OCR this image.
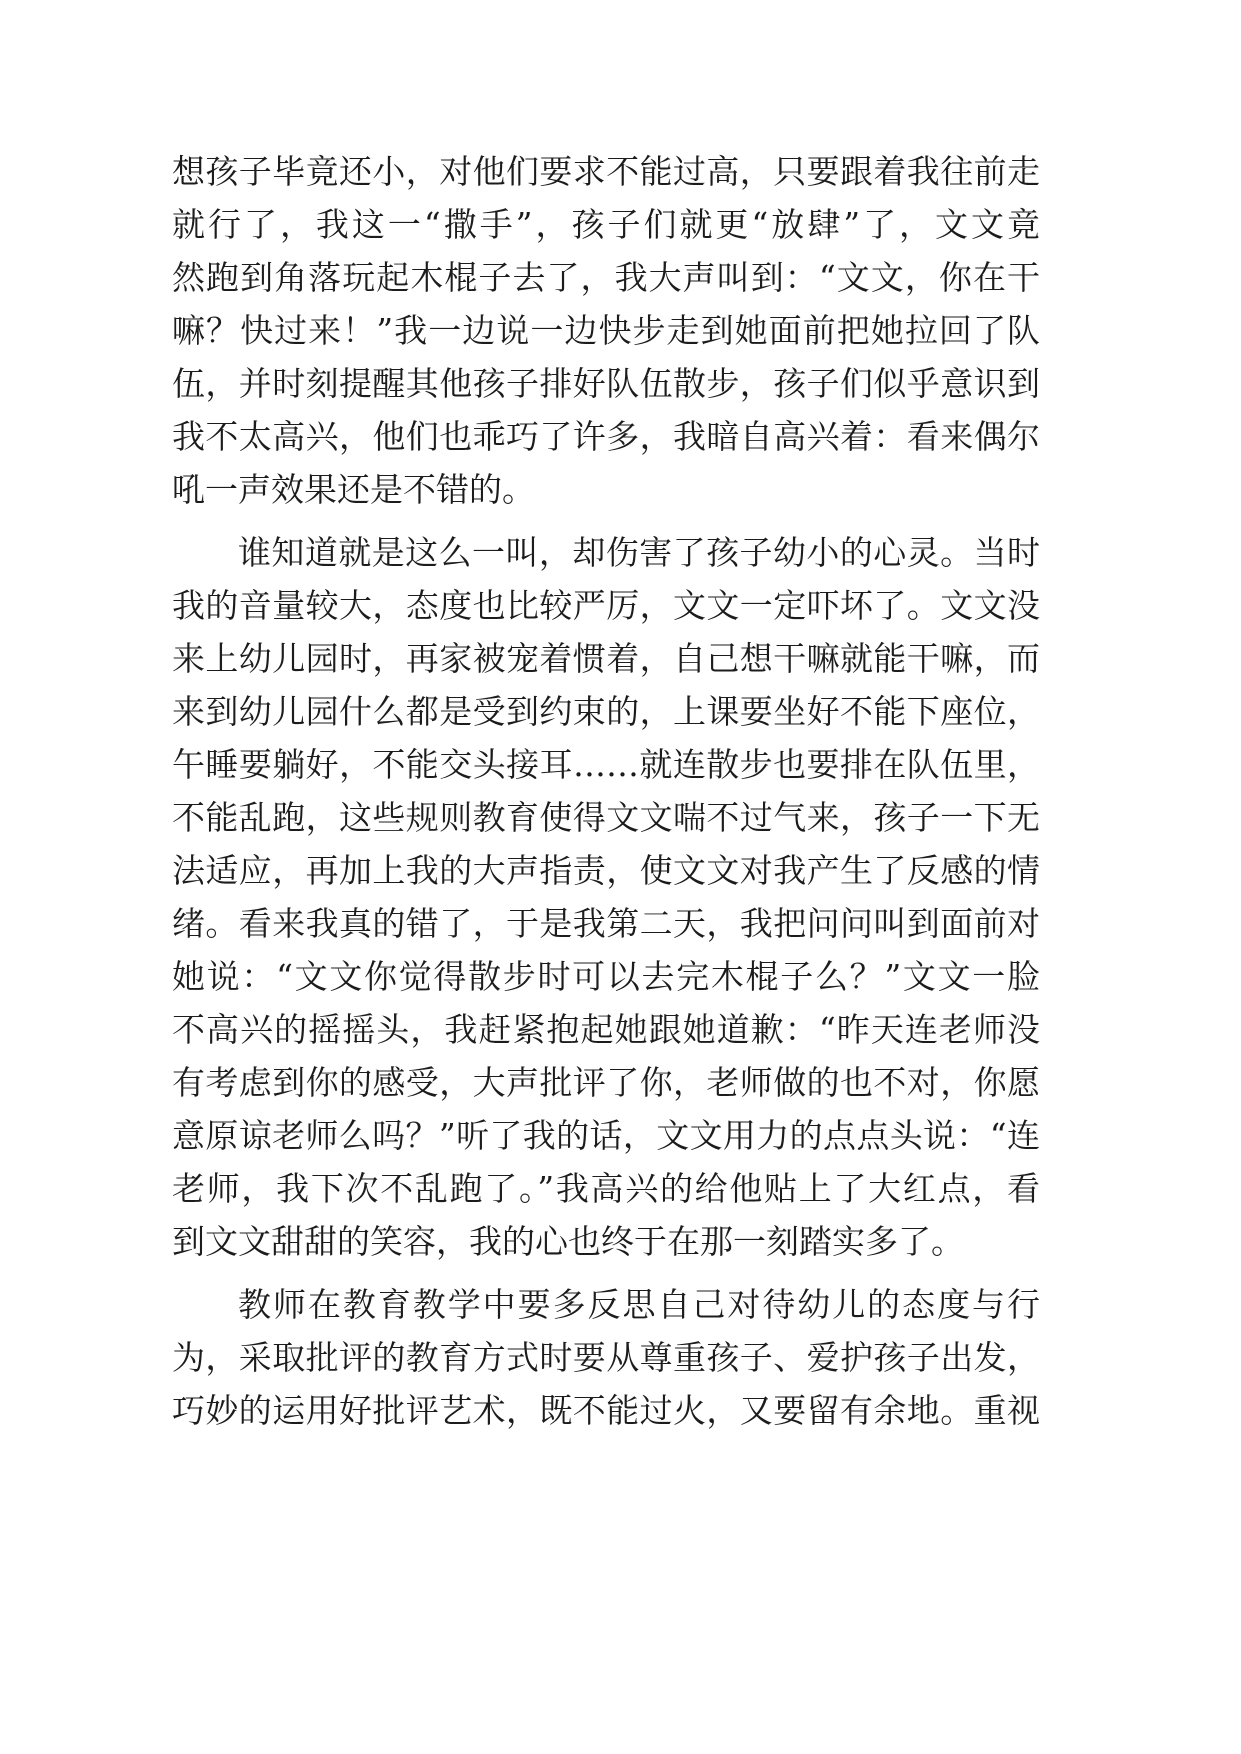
想孩子毕竟还小，对他们要求不能过高，只要跟着我往前走
就行了，我这一“撒手”，孩子们就更“放肆”了，文文竟
然跑到角落玩起木棍子去了，我大声叫到：“文文，你在干
嘛？快过来！”我一边说一边快步走到她面前把她拉回了队
伍，并时刻提醒其他孩子排好队伍散步，孩子们似乎意识到
我不太高兴，他们也乖巧了许多，我暗自高兴着：看来偶尔
吼一声效果还是不错的。
谁知道就是这么一叫，却伤害了孩子幼小的心灵。当时
我的音量较大，态度也比较严厉，文文一定吓坏了。文文没
来上幼儿园时，再家被宠着惯着，自己想干嘛就能干嘛，而
来到幼儿园什么都是受到约束的，上课要坐好不能下座位，
午睡要躺好，不能交头接耳……就连散步也要排在队伍里，
不能乱跑，这些规则教育使得文文喘不过气来，孩子一下无
法适应，再加上我的大声指责，使文文对我产生了反感的情
绪。看来我真的错了，于是我第二天，我把问问叫到面前对
她说：“文文你觉得散步时可以去完木棍子么？”文文一脸
不高兴的摇摇头，我赶紧抱起她跟她道歉：“昨天连老师没
有考虑到你的感受，大声批评了你，老师做的也不对，你愿
意原谅老师么吗？”听了我的话，文文用力的点点头说：“连
老师，我下次不乱跑了。”我高兴的给他贴上了大红点，看
到文文甜甜的笑容，我的心也终于在那一刻踏实多了。
教师在教育教学中要多反思自己对待幼儿的态度与行
为，采取批评的教育方式时要从尊重孩子、爱护孩子出发，
巧妙的运用好批评艺术，既不能过火，又要留有余地。重视
